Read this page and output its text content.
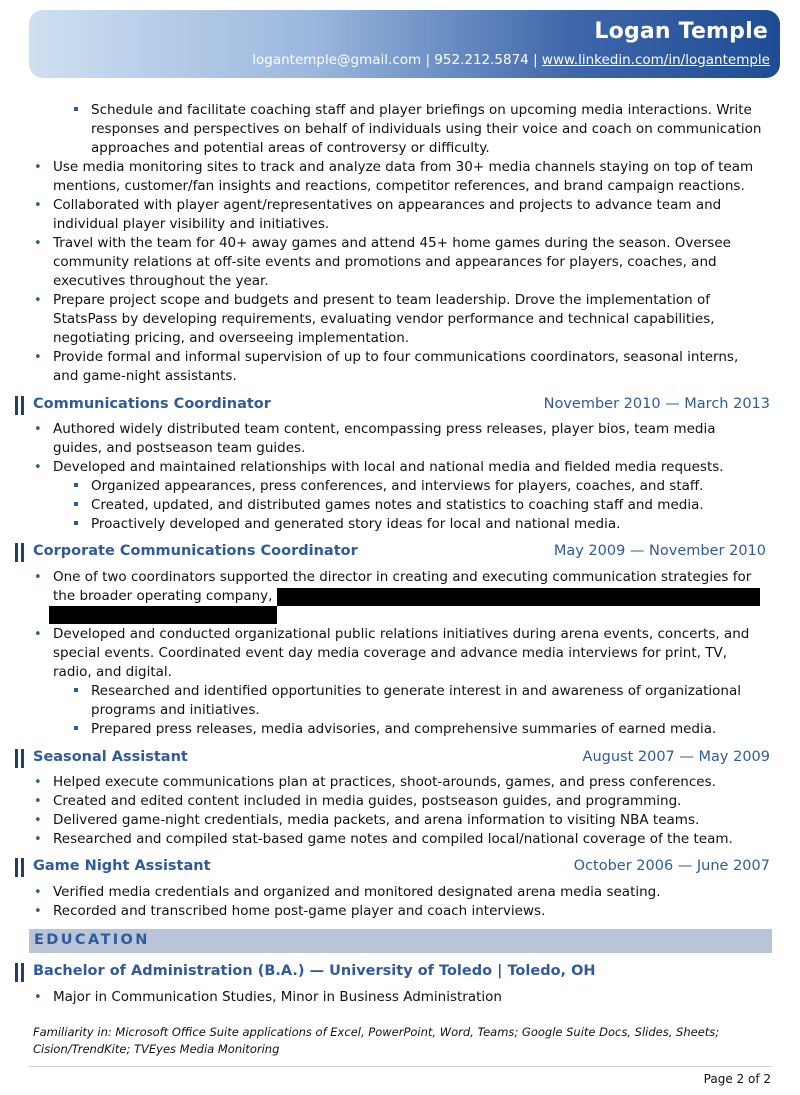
Logan Temple
logantemple@gmail.com | 952.212.5874 | www.linkedin.com/in/logantemple
Schedule and facilitate coaching staff and player briefings on upcoming media interactions. Write
responses and perspectives on behalf of individuals using their voice and coach on communication
approaches and potential areas of controversy or difficulty.
• Use media monitoring sites to track and analyze data from 30+ media channels staying on top of team
mentions, customer/fan insights and reactions, competitor references, and brand campaign reactions.
• Collaborated with player agent/representatives on appearances and projects to advance team and
individual player visibility and initiatives.
• Travel with the team for 40+ away games and attend 45+ home games during the season. Oversee
community relations at off-site events and promotions and appearances for players, coaches, and
executives throughout the year.
• Prepare project scope and budgets and present to team leadership. Drove the implementation of
StatsPass by developing requirements, evaluating vendor performance and technical capabilities,
negotiating pricing, and overseeing implementation.
• Provide formal and informal supervision of up to four communications coordinators, seasonal interns,
and game-night assistants.
Communications Coordinator	November 2010 — March 2013
• Authored widely distributed team content, encompassing press releases, player bios, team media
guides, and postseason team guides.
• Developed and maintained relationships with local and national media and fielded media requests.
Organized appearances, press conferences, and interviews for players, coaches, and staff.
Created, updated, and distributed games notes and statistics to coaching staff and media.
Proactively developed and generated story ideas for local and national media.
Corporate Communications Coordinator	May 2009 — November 2010
• One of two coordinators supported the director in creating and executing communication strategies for
the broader operating company,
• Developed and conducted organizational public relations initiatives during arena events, concerts, and
special events. Coordinated event day media coverage and advance media interviews for print, TV,
radio, and digital.
Researched and identified opportunities to generate interest in and awareness of organizational
programs and initiatives.
Prepared press releases, media advisories, and comprehensive summaries of earned media.
Seasonal Assistant	August 2007 — May 2009
• Helped execute communications plan at practices, shoot-arounds, games, and press conferences.
• Created and edited content included in media guides, postseason guides, and programming.
• Delivered game-night credentials, media packets, and arena information to visiting NBA teams.
• Researched and compiled stat-based game notes and compiled local/national coverage of the team.
Game Night Assistant	October 2006 — June 2007
• Verified media credentials and organized and monitored designated arena media seating.
• Recorded and transcribed home post-game player and coach interviews.
EDUCATION
Bachelor of Administration (B.A.) — University of Toledo | Toledo, OH
• Major in Communication Studies, Minor in Business Administration
Familiarity in: Microsoft Office Suite applications of Excel, PowerPoint, Word, Teams; Google Suite Docs, Slides, Sheets;
Cision/TrendKite; TVEyes Media Monitoring
Page 2 of 2
